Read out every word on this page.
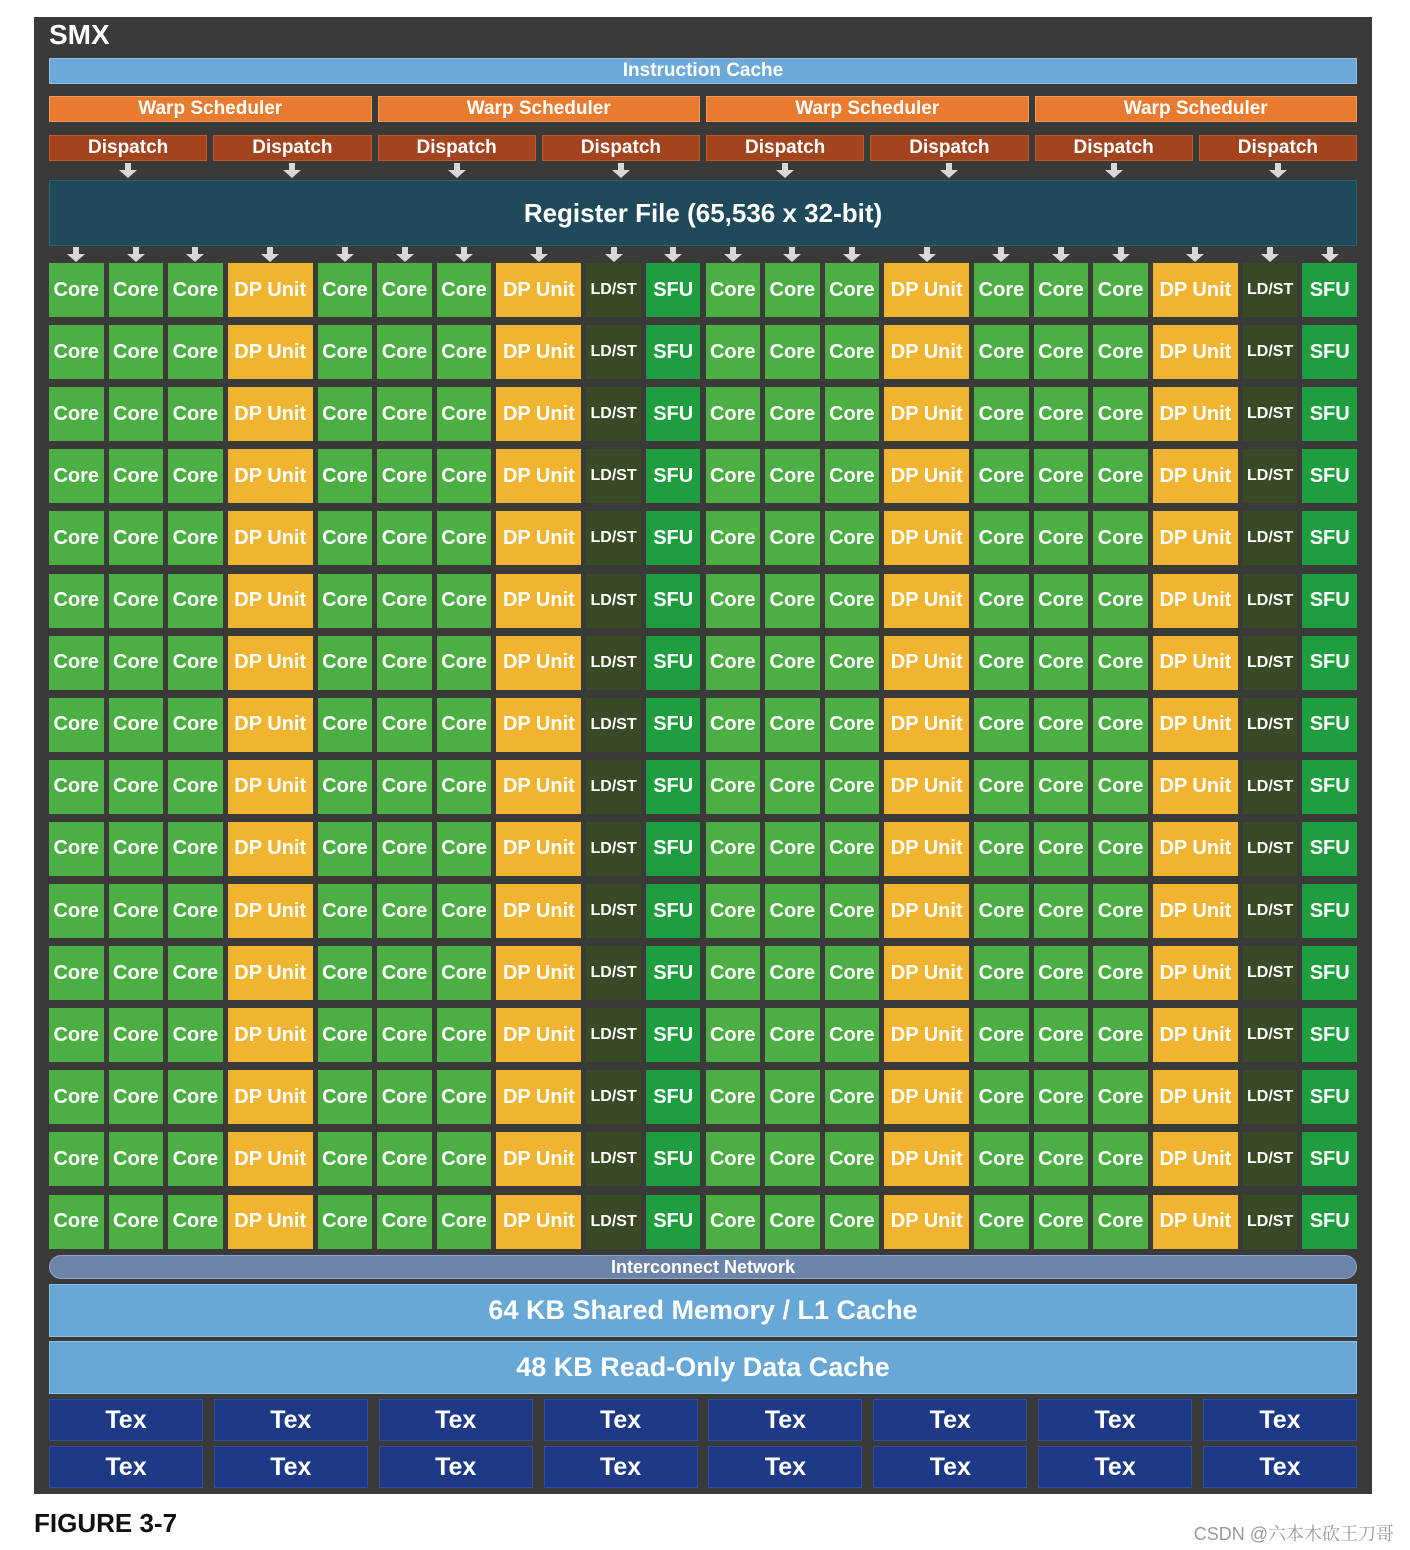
SMX
Instruction Cache
Warp Scheduler	Warp Scheduler	Warp Scheduler	Warp Scheduler
Dispatch	Dispatch	Dispatch	Dispatch	Dispatch	Dispatch	Dispatch	Dispatch
Register File (65,536 x 32-bit)
Core Core Core DP Unit Core Core Core DP Unit LD/ST SFU Core Core Core DP Unit Core Core Core DP Unit LD/ST SFU
Core Core Core DP Unit Core Core Core DP Unit LD/ST SFU Core Core Core DP Unit Core Core Core DP Unit LD/ST SFU
Core Core Core DP Unit Core Core Core DP Unit LD/ST SFU Core Core Core DP Unit Core Core Core DP Unit LD/ST SFU
Core Core Core DP Unit Core Core Core DP Unit LD/ST SFU Core Core Core DP Unit Core Core Core DP Unit LD/ST SFU
Core Core Core DP Unit Core Core Core DP Unit LD/ST SFU Core Core Core DP Unit Core Core Core DP Unit LD/ST SFU
Core Core Core DP Unit Core Core Core DP Unit LD/ST SFU Core Core Core DP Unit Core Core Core DP Unit LD/ST SFU
Core Core Core DP Unit Core Core Core DP Unit LD/ST SFU Core Core Core DP Unit Core Core Core DP Unit LD/ST SFU
Core Core Core DP Unit Core Core Core DP Unit LD/ST SFU Core Core Core DP Unit Core Core Core DP Unit LD/ST SFU
Core Core Core DP Unit Core Core Core DP Unit LD/ST SFU Core Core Core DP Unit Core Core Core DP Unit LD/ST SFU
Core Core Core DP Unit Core Core Core DP Unit LD/ST SFU Core Core Core DP Unit Core Core Core DP Unit LD/ST SFU
Core Core Core DP Unit Core Core Core DP Unit LD/ST SFU Core Core Core DP Unit Core Core Core DP Unit LD/ST SFU
Core Core Core DP Unit Core Core Core DP Unit LD/ST SFU Core Core Core DP Unit Core Core Core DP Unit LD/ST SFU
Core Core Core DP Unit Core Core Core DP Unit LD/ST SFU Core Core Core DP Unit Core Core Core DP Unit LD/ST SFU
Core Core Core DP Unit Core Core Core DP Unit LD/ST SFU Core Core Core DP Unit Core Core Core DP Unit LD/ST SFU
Core Core Core DP Unit Core Core Core DP Unit LD/ST SFU Core Core Core DP Unit Core Core Core DP Unit LD/ST SFU
Core Core Core DP Unit Core Core Core DP Unit LD/ST SFU Core Core Core DP Unit Core Core Core DP Unit LD/ST SFU
Interconnect Network
64 KB Shared Memory / L1 Cache
48 KB Read-Only Data Cache
Tex	Tex	Tex	Tex	Tex	Tex	Tex	Tex
Tex	Tex	Tex	Tex	Tex	Tex	Tex	Tex
FIGURE 3-7	CSDN @六本木砍王刀哥
